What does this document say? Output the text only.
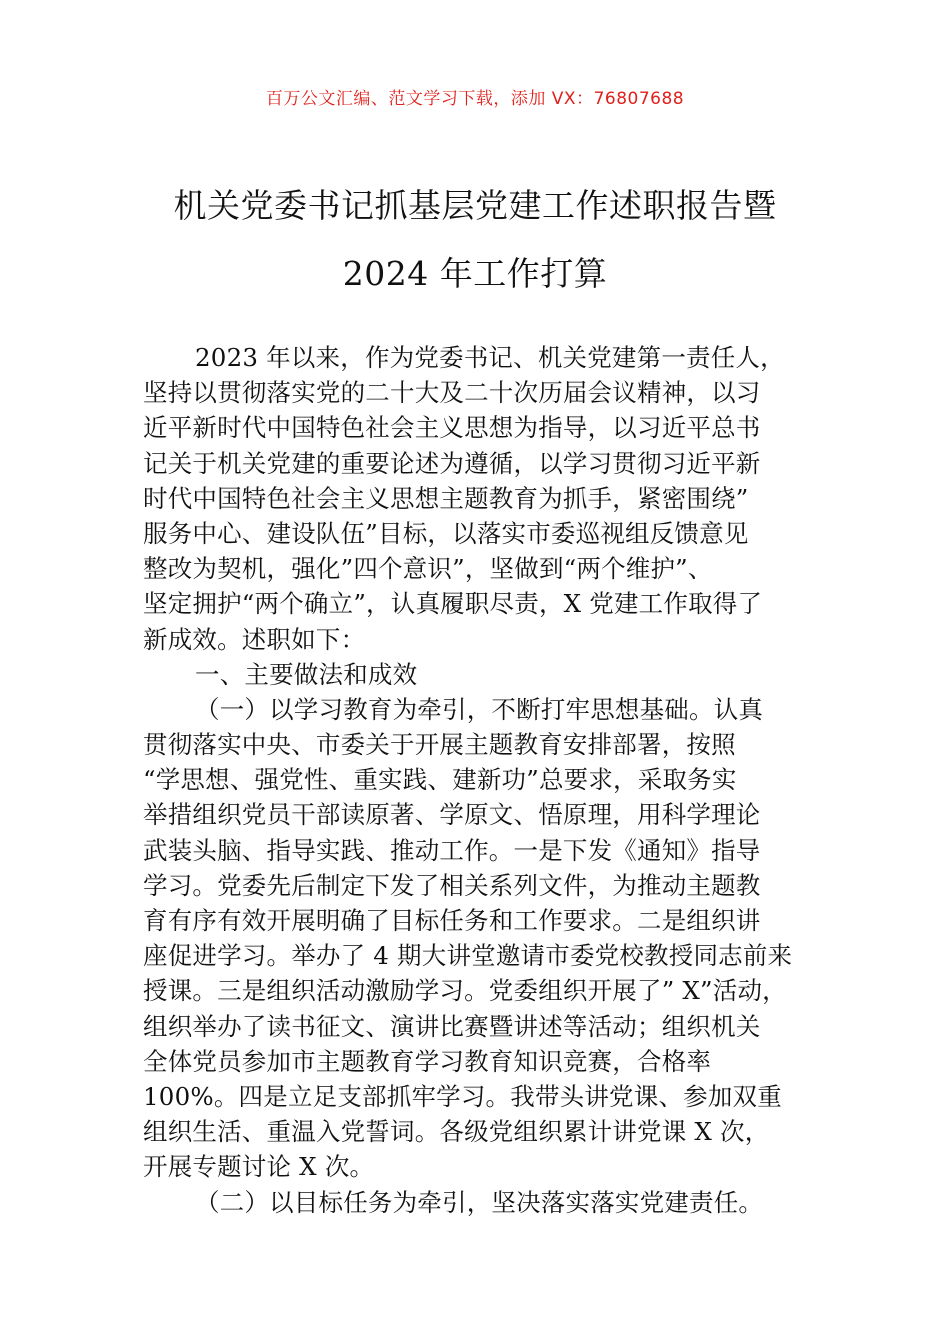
百万公文汇编、范文学习下载，添加 VX：76807688
机关党委书记抓基层党建工作述职报告暨
2024 年工作打算
2023 年以来，作为党委书记、机关党建第一责任人，
坚持以贯彻落实党的二十大及二十次历届会议精神，以习
近平新时代中国特色社会主义思想为指导，以习近平总书
记关于机关党建的重要论述为遵循，以学习贯彻习近平新
时代中国特色社会主义思想主题教育为抓手，紧密围绕”
服务中心、建设队伍”目标，以落实市委巡视组反馈意见
整改为契机，强化”四个意识”，坚做到“两个维护”、
坚定拥护“两个确立”，认真履职尽责，X 党建工作取得了
新成效。述职如下：
一、主要做法和成效
（一）以学习教育为牵引，不断打牢思想基础。认真
贯彻落实中央、市委关于开展主题教育安排部署，按照
“学思想、强党性、重实践、建新功”总要求，采取务实
举措组织党员干部读原著、学原文、悟原理，用科学理论
武装头脑、指导实践、推动工作。一是下发《通知》指导
学习。党委先后制定下发了相关系列文件，为推动主题教
育有序有效开展明确了目标任务和工作要求。二是组织讲
座促进学习。举办了 4 期大讲堂邀请市委党校教授同志前来
授课。三是组织活动激励学习。党委组织开展了” X”活动，
组织举办了读书征文、演讲比赛暨讲述等活动；组织机关
全体党员参加市主题教育学习教育知识竞赛，合格率
100%。四是立足支部抓牢学习。我带头讲党课、参加双重
组织生活、重温入党誓词。各级党组织累计讲党课 X 次，
开展专题讨论 X 次。
（二）以目标任务为牵引，坚决落实落实党建责任。
